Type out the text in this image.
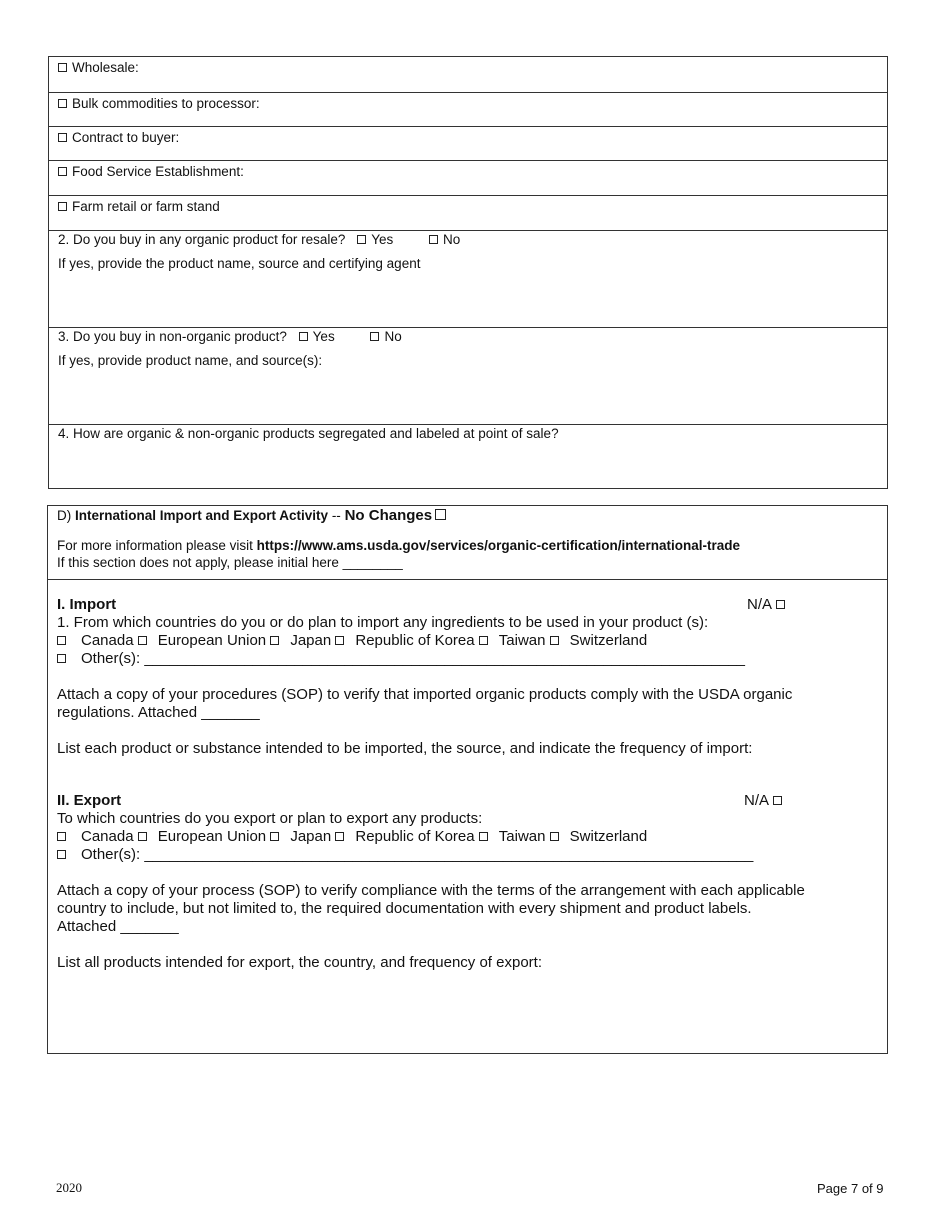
Wholesale:
Bulk commodities to processor:
Contract to buyer:
Food Service Establishment:
Farm retail or farm stand
2. Do you buy in any organic product for resale? Yes	No
If yes, provide the product name, source and certifying agent
3. Do you buy in non-organic product? Yes	No
If yes, provide product name, and source(s):
4. How are organic & non-organic products segregated and labeled at point of sale?
D) International Import and Export Activity -- No Changes
For more information please visit https://www.ams.usda.gov/services/organic-certification/international-trade
If this section does not apply, please initial here ________
I. Import	N/A
1. From which countries do you or do plan to import any ingredients to be used in your product (s):
Canada European Union Japan Republic of Korea Taiwan Switzerland
Other(s): ________________________________________________________________________
Attach a copy of your procedures (SOP) to verify that imported organic products comply with the USDA organic
regulations. Attached _______
List each product or substance intended to be imported, the source, and indicate the frequency of import:
II. Export	N/A
To which countries do you export or plan to export any products:
Canada European Union Japan Republic of Korea Taiwan Switzerland
Other(s): _________________________________________________________________________
Attach a copy of your process (SOP) to verify compliance with the terms of the arrangement with each applicable
country to include, but not limited to, the required documentation with every shipment and product labels.
Attached _______
List all products intended for export, the country, and frequency of export:
2020	Page 7 of 9
